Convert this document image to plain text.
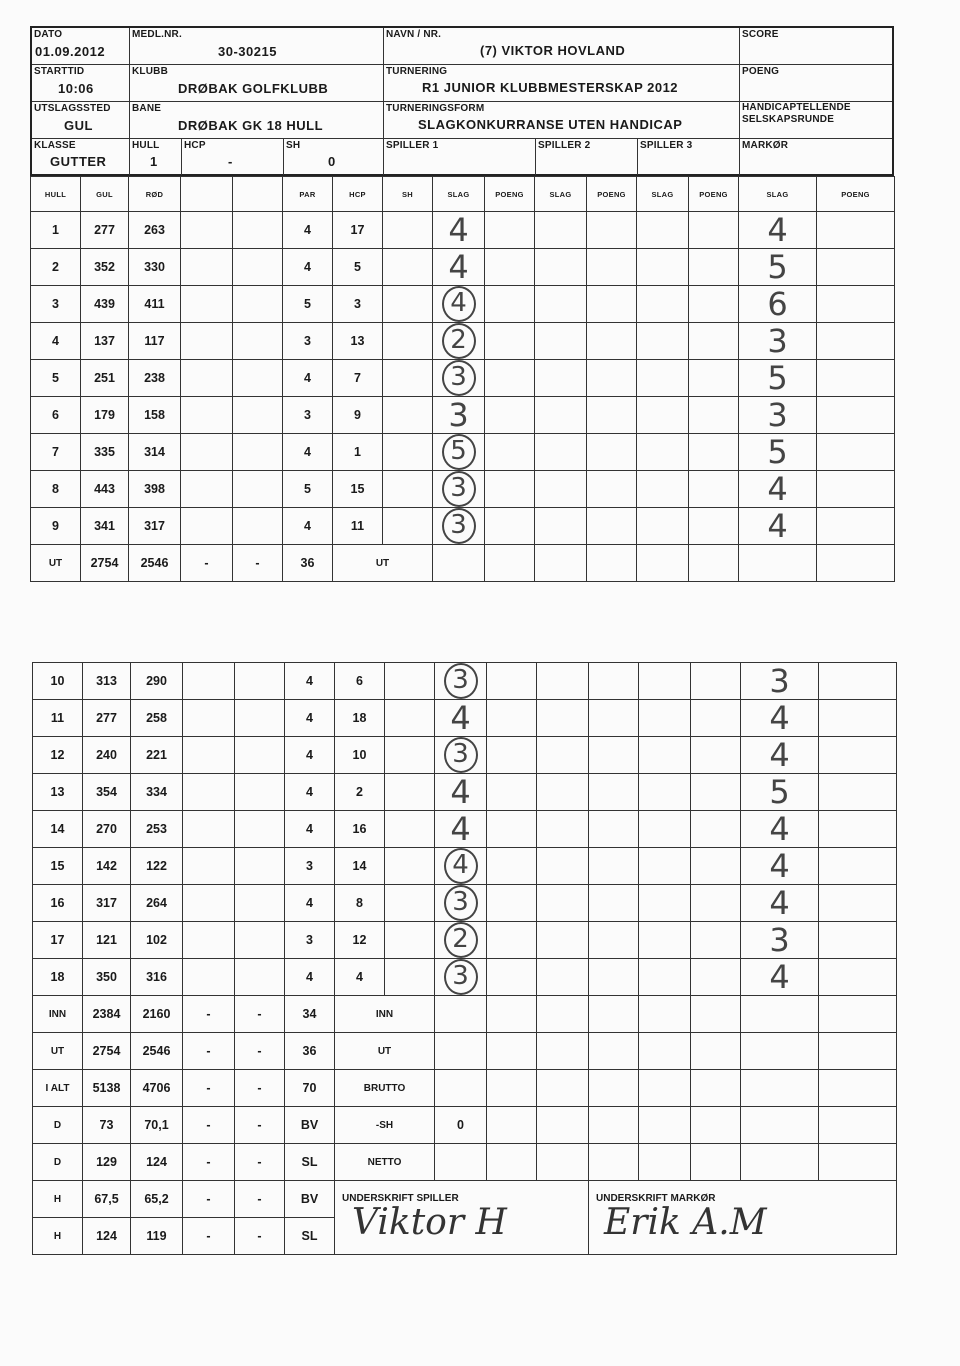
DATO
01.09.2012
MEDL.NR.
30-30215
NAVN / NR.
(7) VIKTOR HOVLAND
SCORE
STARTTID
10:06
KLUBB
DRØBAK GOLFKLUBB
TURNERING
R1 JUNIOR KLUBBMESTERSKAP 2012
POENG
UTSLAGSSTED
GUL
BANE
DRØBAK GK 18 HULL
TURNERINGSFORM
SLAGKONKURRANSE UTEN HANDICAP
HANDICAPTELLENDE
SELSKAPSRUNDE
KLASSE
GUTTER
HULL
1
HCP
-
SH
0
SPILLER 1	SPILLER 2	SPILLER 3	MARKØR
HULL	GUL	RØD			PAR	HCP	SH	SLAG	POENG	SLAG	POENG	SLAG	POENG	SLAG	POENG
1	277	263			4	17		4						4	
2	352	330			4	5		4						5	
3	439	411			5	3		4						6	
4	137	117			3	13		2						3	
5	251	238			4	7		3						5	
6	179	158			3	9		3						3	
7	335	314			4	1		5						5	
8	443	398			5	15		3						4	
9	341	317			4	11		3						4	
UT	2754	2546	-	-	36	UT									
10	313	290			4	6		3						3	
11	277	258			4	18		4						4	
12	240	221			4	10		3						4	
13	354	334			4	2		4						5	
14	270	253			4	16		4						4	
15	142	122			3	14		4						4	
16	317	264			4	8		3						4	
17	121	102			3	12		2						3	
18	350	316			4	4		3						4	
INN	2384	2160	-	-	34	INN									
UT	2754	2546	-	-	36	UT									
I ALT	5138	4706	-	-	70	BRUTTO									
D	73	70,1	-	-	BV	-SH		0							
D	129	124	-	-	SL	NETTO									
H	67,5	65,2	-	-	BV										
H	124	119	-	-	SL										
UNDERSKRIFT SPILLER
Viktor H
UNDERSKRIFT MARKØR
Erik A.M
